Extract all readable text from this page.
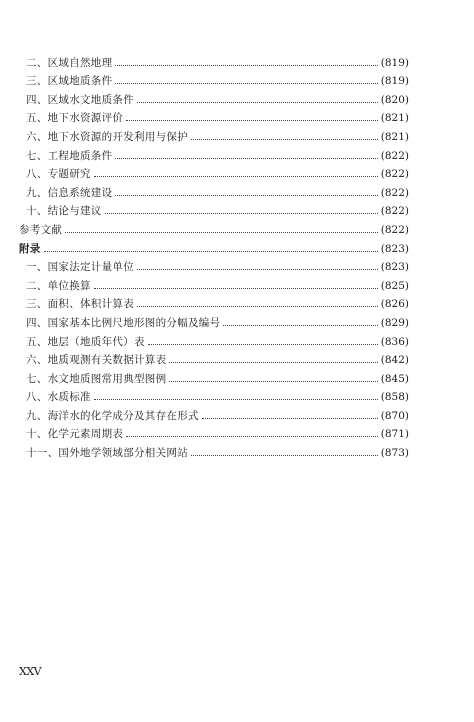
二、区域自然地理	(819)
三、区域地质条件	(819)
四、区域水文地质条件	(820)
五、地下水资源评价	(821)
六、地下水资源的开发利用与保护	(821)
七、工程地质条件	(822)
八、专题研究	(822)
九、信息系统建设	(822)
十、结论与建议	(822)
参考文献	(822)
附录	(823)
一、国家法定计量单位	(823)
二、单位换算	(825)
三、面积、体积计算表	(826)
四、国家基本比例尺地形图的分幅及编号	(829)
五、地层（地质年代）表	(836)
六、地质观测有关数据计算表	(842)
七、水文地质图常用典型图例	(845)
八、水质标准	(858)
九、海洋水的化学成分及其存在形式	(870)
十、化学元素周期表	(871)
十一、国外地学领域部分相关网站	(873)
XXV
